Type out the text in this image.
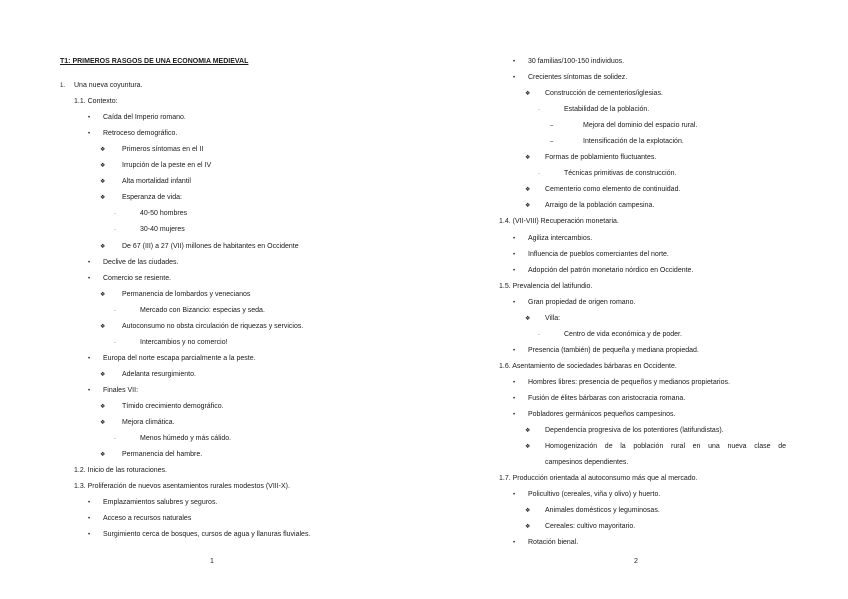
T1: PRIMEROS RASGOS DE UNA ECONOMIA MEDIEVAL
1. Una nueva coyuntura.
1.1. Contexto:
• Caída del Imperio romano.
• Retroceso demográfico.
❖ Primeros síntomas en el II
❖ Irrupción de la peste en el IV
❖ Alta mortalidad infantil
❖ Esperanza de vida:
·	40-50 hombres
·	30-40 mujeres
❖ De 67 (III) a 27 (VII) millones de habitantes en Occidente
• Declive de las ciudades.
• Comercio se resiente.
❖ Permanencia de lombardos y venecianos
·	Mercado con Bizancio: especias y seda.
❖ Autoconsumo no obsta circulación de riquezas y servicios.
·	Intercambios y no comercio!
• Europa del norte escapa parcialmente a la peste.
❖ Adelanta resurgimiento.
• Finales VII:
❖ Tímido crecimiento demográfico.
❖ Mejora climática.
·	Menos húmedo y más cálido.
❖ Permanencia del hambre.
1.2. Inicio de las roturaciones.
1.3. Proliferación de nuevos asentamientos rurales modestos (VIII-X).
• Emplazamientos salubres y seguros.
• Acceso a recursos naturales
• Surgimiento cerca de bosques, cursos de agua y llanuras fluviales.
1
• 30 familias/100-150 individuos.
• Crecientes síntomas de solidez.
❖ Construcción de cementerios/iglesias.
·	Estabilidad de la población.
–	Mejora del dominio del espacio rural.
–	Intensificación de la explotación.
❖ Formas de poblamiento fluctuantes.
·	Técnicas primitivas de construcción.
❖ Cementerio como elemento de continuidad.
❖ Arraigo de la población campesina.
1.4. (VII-VIII) Recuperación monetaria.
• Agiliza intercambios.
• Influencia de pueblos comerciantes del norte.
• Adopción del patrón monetario nórdico en Occidente.
1.5. Prevalencia del latifundio.
• Gran propiedad de origen romano.
❖ Villa:
·	Centro de vida económica y de poder.
• Presencia (también) de pequeña y mediana propiedad.
1.6. Asentamiento de sociedades bárbaras en Occidente.
• Hombres libres: presencia de pequeños y medianos propietarios.
• Fusión de élites bárbaras con aristocracia romana.
• Pobladores germánicos pequeños campesinos.
❖ Dependencia progresiva de los potentiores (latifundistas).
❖ Homogenización de la población rural en una nueva clase de
campesinos dependientes.
1.7. Producción orientada al autoconsumo más que al mercado.
• Policultivo (cereales, viña y olivo) y huerto.
❖ Animales domésticos y leguminosas.
❖ Cereales: cultivo mayoritario.
• Rotación bienal.
2
